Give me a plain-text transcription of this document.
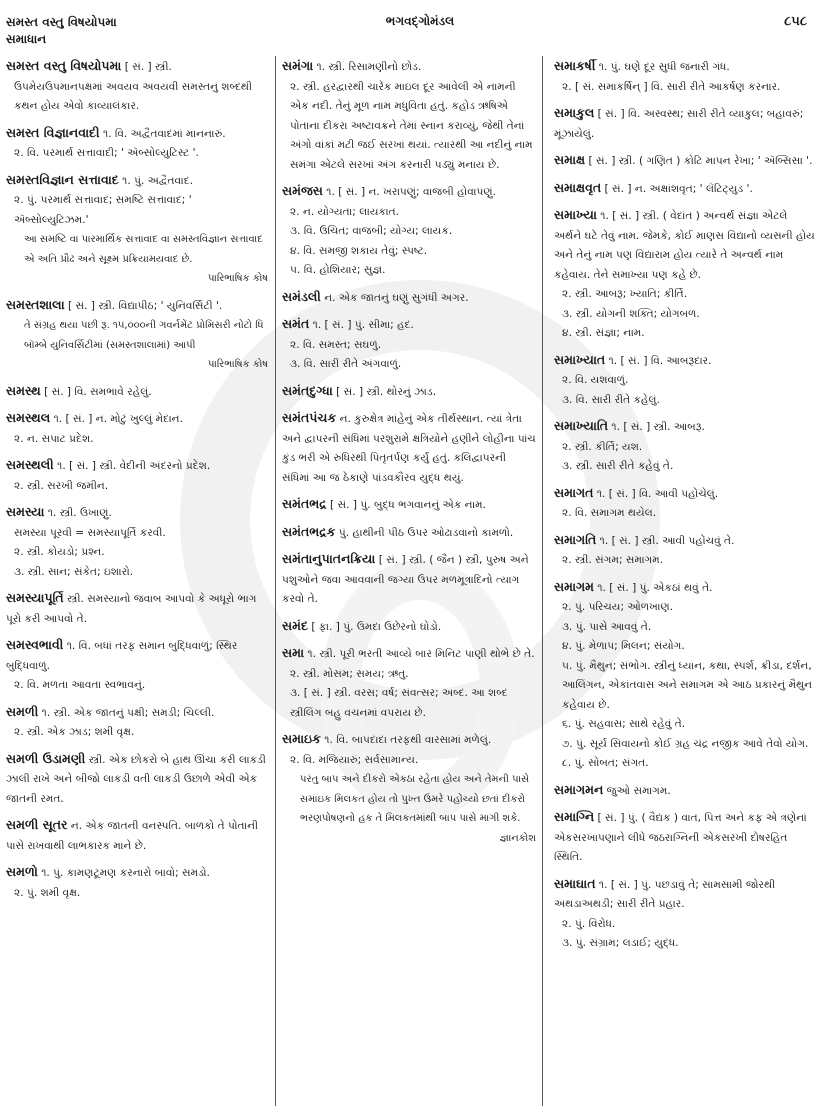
સમસ્ત વસ્તુ વિષયોપમા
સમાધાન
ભગવદ્ગોમંડલ	૮૫૮
સમસ્ત વસ્તુ વિષયોપમા [ સં. ] સ્ત્રી.
ઉપમેયઉપમાનપક્ષમાં અવયવ અવયવી સમસ્તનું શબ્દથી કથન હોય એવો કાવ્યાલંકાર.
સમસ્ત વિજ્ઞાનવાદી ૧. વિ. અદ્વૈતવાદમાં માનનારું.
૨. વિ. પરમાર્થ સત્તાવાદી; ' ઍબ્સોલ્યુટિસ્ટ '.
સમસ્તવિજ્ઞાન સત્તાવાદ ૧. પું. અદ્વૈતવાદ.
૨. પું. પરમાર્થ સત્તાવાદ; સમષ્ટિ સત્તાવાદ; ' ઍબ્સોલ્યુટિઝમ.'
આ સમષ્ટિ વા પારમાર્થિક સત્તાવાદ વા સમસ્તવિજ્ઞાન સત્તાવાદ એ અતિ પ્રૌઢ અને સૂક્ષ્મ પ્રક્રિયામયવાદ છે.
પારિભાષિક કોષ
સમસ્તશાલા [ સં. ] સ્ત્રી. વિદ્યાપીઠ; ' યુનિવર્સિટી '.
તે સંગ્રહ થયા પછી રૂ. ૧૫,૦૦૦ની ગવર્નમેંટ પ્રોમિસરી નોટો ધિ બૉમ્બે યુનિવર્સિટીમાં (સમસ્તશાલામાં) આપી
પારિભાષિક કોષ
સમસ્થ [ સં. ] વિ. સમભાવે રહેલું.
સમસ્થલ ૧. [ સં. ] ન. મોટું ખુલ્લું મેદાન.
૨. ન. સપાટ પ્રદેશ.
સમસ્થલી ૧. [ સં. ] સ્ત્રી. વેદીની અંદરનો પ્રદેશ.
૨. સ્ત્રી. સરખી જમીન.
સમસ્યા ૧. સ્ત્રી. ઉખાણું.
સમસ્યા પૂરવી = સમસ્યાપૂર્તિ કરવી.
૨. સ્ત્રી. કોયડો; પ્રશ્ન.
૩. સ્ત્રી. સાન; સંકેત; ઇશારો.
સમસ્યાપૂર્તિ સ્ત્રી. સમસ્યાનો જવાબ આપવો કે અધૂરો ભાગ પૂરો કરી આપવો તે.
સમસ્વભાવી ૧. વિ. બધાં તરફ સમાન બુદ્ધિવાળું; સ્થિર બુદ્ધિવાળું.
૨. વિ. મળતા આવતા સ્વભાવનું.
સમળી ૧. સ્ત્રી. એક જાતનું પક્ષી; સમડી; ચિલ્લી.
૨. સ્ત્રી. એક ઝાડ; શમી વૃક્ષ.
સમળી ઉડામણી સ્ત્રી. એક છોકરો બે હાથ ઊંચા કરી લાકડી ઝાલી રાખે અને બીજો લાકડી વતી લાકડી ઉછાળે એવી એક જાતની રમત.
સમળી સૂતર ન. એક જાતની વનસ્પતિ. બાળકો તે પોતાની પાસે રાખવાથી લાભકારક માને છે.
સમળો ૧. પું. કામણટૂમણ કરનારો બાવો; સમડો.
૨. પું. શમી વૃક્ષ.
સમંગા ૧. સ્ત્રી. રિસામણીનો છોડ.
૨. સ્ત્રી. હરદ્વારથી ચારેક માઇલ દૂર આવેલી એ નામની એક નદી. તેનું મૂળ નામ મધુવિતા હતું. કહોડ ઋષિએ પોતાના દીકરા અષ્ટાવક્રને તેમાં સ્નાન કરાવ્યું, જેથી તેનાં અંગો વાંકાં મટી જઈ સરખાં થયાં. ત્યારથી આ નદીનું નામ સમંગા એટલે સરખાં અંગ કરનારી પડ્યું મનાય છે.
સમંજસ ૧. [ સં. ] ન. ખરાપણું; વાજબી હોવાપણું.
૨. ન. યોગ્યતા; લાયકાત.
૩. વિ. ઉચિત; વાજબી; યોગ્ય; લાયક.
૪. વિ. સમજી શકાય તેવું; સ્પષ્ટ.
૫. વિ. હોશિયાર; સુજ્ઞ.
સમંડલી ન. એક જાતનું ઘણું સુગંધી અગર.
સમંત ૧. [ સં. ] પું. સીમા; હદ.
૨. વિ. સમસ્ત; સઘળું.
૩. વિ. સારી રીતે અંગવાળું.
સમંતદુગ્ધા [ સં. ] સ્ત્રી. થોરનું ઝાડ.
સમંતપંચક ન. કુરુક્ષેત્ર માંહેનું એક તીર્થસ્થાન. ત્યાં ત્રેતા અને દ્વાપરની સંધિમાં પરશુરામે ક્ષત્રિયોને હણીને લોહીના પાંચ કુંડ ભરી એ રુધિરથી પિતૃતર્પણ કર્યું હતું. કલિદ્વાપરની સંધિમાં આ જ ઠેકાણે પાંડવકૌરવ યુદ્ધ થયું.
સમંતભદ્ર [ સં. ] પું. બુદ્ધ ભગવાનનું એક નામ.
સમંતભદ્રક પું. હાથીની પીઠ ઉપર ઓઢાડવાનો કામળો.
સમંતાનુપાતનક્રિયા [ સં. ] સ્ત્રી. ( જૈન ) સ્ત્રી, પુરુષ અને પશુઓને જવા આવવાની જગ્યા ઉપર મળમૂત્રાદિનો ત્યાગ કરવો તે.
સમંદ [ ફા. ] પું. ઉમદા ઉછેરનો ઘોડો.
સમા ૧. સ્ત્રી. પૂરી ભરતી આવ્યે બાર મિનિટ પાણી થોભે છે તે.
૨. સ્ત્રી. મોસમ; સમય; ઋતુ.
૩. [ સં. ] સ્ત્રી. વરસ; વર્ષ; સંવત્સર; અબ્દ. આ શબ્દ સ્ત્રીલિંગ બહુ વચનમાં વપરાય છે.
સમાઇક ૧. વિ. બાપદાદા તરફથી વારસામાં મળેલું.
૨. વિ. મજિયારું; સર્વસામાન્ય.
પરંતુ બાપ અને દીકરો એકઠા રહેતા હોય અને તેમની પાસે સમાઇક મિલકત હોય તો પુખ્ત ઉમરે પહોંચ્યો છતાં દીકરો ભરણપોષણનો હક તે મિલકતમાંથી બાપ પાસે માગી શકે.
જ્ઞાનકોશ
સમાકર્ષી ૧. પું. ઘણે દૂર સુધી જનારી ગંધ.
૨. [ સં. સમાકર્ષિન્ ] વિ. સારી રીતે આકર્ષણ કરનાર.
સમાકુલ [ સં. ] વિ. અસ્વસ્થ; સારી રીતે વ્યાકુલ; બહાવરું; મૂંઝાયેલું.
સમાક્ષ [ સં. ] સ્ત્રી. ( ગણિત ) કોટિ માપન રેખા; ' ઍબ્સિસા '.
સમાક્ષવૃત [ સં. ] ન. અક્ષાંશવૃત; ' લૅટિટ્યુડ '.
સમાખ્યા ૧. [ સં. ] સ્ત્રી. ( વેદાંત ) અન્વર્થ સંજ્ઞા એટલે અર્થને ઘટે તેવું નામ. જેમકે, કોઈ માણસ વિદ્યાનો વ્યસની હોય અને તેનું નામ પણ વિદ્યારામ હોય ત્યારે તે અન્વર્થ નામ કહેવાય. તેને સમાખ્યા પણ કહે છે.
૨. સ્ત્રી. આબરૂ; ખ્યાતિ; કીર્તિ.
૩. સ્ત્રી. યોગની શક્તિ; યોગબળ.
૪. સ્ત્રી. સંજ્ઞા; નામ.
સમાખ્યાત ૧. [ સં. ] વિ. આબરૂદાર.
૨. વિ. યશવાળું.
૩. વિ. સારી રીતે કહેલું.
સમાખ્યાતિ ૧. [ સં. ] સ્ત્રી. આબરૂ.
૨. સ્ત્રી. કીર્તિ; યશ.
૩. સ્ત્રી. સારી રીતે કહેવું તે.
સમાગત ૧. [ સં. ] વિ. આવી પહોંચેલું.
૨. વિ. સમાગમ થયેલ.
સમાગતિ ૧. [ સં. ] સ્ત્રી. આવી પહોંચવું તે.
૨. સ્ત્રી. સંગમ; સમાગમ.
સમાગમ ૧. [ સં. ] પું. એકઠાં થવું તે.
૨. પું. પરિચય; ઓળખાણ.
૩. પું. પાસે આવવું તે.
૪. પું. મેળાપ; મિલન; સંયોગ.
૫. પું. મૈથુન; સંભોગ. સ્ત્રીનું ધ્યાન, કથા, સ્પર્શ, ક્રીડા, દર્શન, આલિંગન, એકાંતવાસ અને સમાગમ એ આઠ પ્રકારનું મૈથુન કહેવાય છે.
૬. પું. સહવાસ; સાથે રહેવું તે.
૭. પું. સૂર્ય સિવાયનો કોઈ ગ્રહ ચંદ્ર નજીક આવે તેવો યોગ.
૮. પું. સોબત; સંગત.
સમાગમન જુઓ સમાગમ.
સમાગ્નિ [ સં. ] પું. ( વૈદ્યક ) વાત, પિત્ત અને કફ એ ત્રણેનાં એકસરખાપણાને લીધે જઠરાગ્નિની એકસરખી દોષરહિત સ્થિતિ.
સમાઘાત ૧. [ સં. ] પું. પછડાવું તે; સામસામી જોરથી અથડાઅથડી; સારી રીતે પ્રહાર.
૨. પું. વિરોધ.
૩. પું. સંગ્રામ; લડાઈ; યુદ્ધ.
